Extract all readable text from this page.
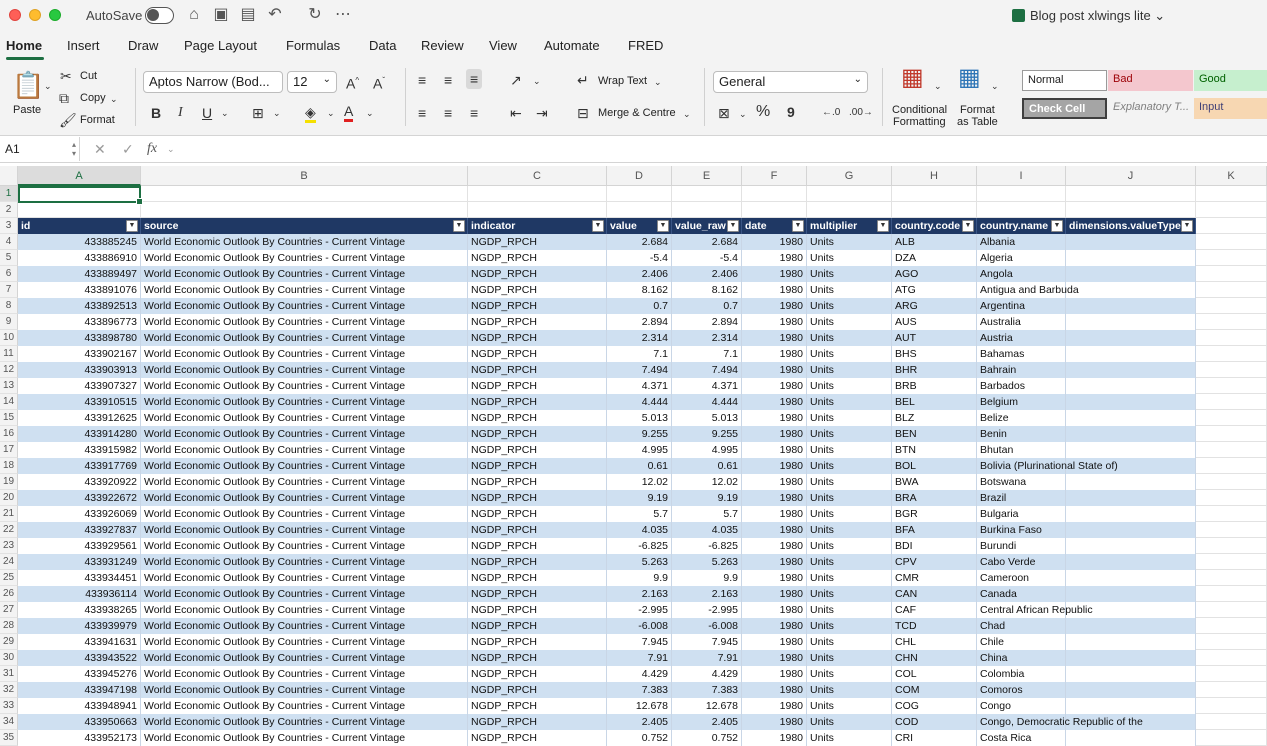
AutoSave	⌂ ▣ ▤ ↶ ↻ ⋯	Blog post xlwings lite ⌄
Home Insert Draw Page Layout Formulas Data Review View Automate FRED
📋
Paste
⌄
✂ Cut
⧉ Copy ⌄
🖌 Format
Aptos Narrow (Bod...	12 ⌄ A^ $A^ˇ$
B I U ⌄ ⊞ ⌄ ◈ ⌄ A ⌄
≡ ≡ ≡
≡ ≡ ≡
↗ ⌄
⇤ ⇥
↵ Wrap Text ⌄
⊟ Merge & Centre ⌄
General	⌄
⊠ ⌄ % 9	←.0 .00→
▦ ⌄
Conditional
Formatting
▦ ⌄
Format
as Table
Normal	Bad	Good
Check Cell	Explanatory T... Input
A1	▴
▾ ✕ ✓ fx ⌄
A	B	C	D	E	F	G	H	I	J	K
1
2
3
4
5
6
7
8
9
10
11
12
13
14
15
16
17
18
19
20
21
22
23
24
25
26
27
28
29
30
31
32
33
34
35
id	▼ source	▼ indicator	▼ value	▼ value_raw ▼ date	▼ multiplier	▼ country.code ▼ country.name ▼ dimensions.valueType ▼
433885245 World Economic Outlook By Countries - Current Vintage	NGDP_RPCH	2.684	2.684	1980 Units	ALB	Albania
433886910 World Economic Outlook By Countries - Current Vintage	NGDP_RPCH	-5.4	-5.4	1980 Units	DZA	Algeria
433889497 World Economic Outlook By Countries - Current Vintage	NGDP_RPCH	2.406	2.406	1980 Units	AGO	Angola
433891076 World Economic Outlook By Countries - Current Vintage	NGDP_RPCH	8.162	8.162	1980 Units	ATG	Antigua and Barbuda
433892513 World Economic Outlook By Countries - Current Vintage	NGDP_RPCH	0.7	0.7	1980 Units	ARG	Argentina
433896773 World Economic Outlook By Countries - Current Vintage	NGDP_RPCH	2.894	2.894	1980 Units	AUS	Australia
433898780 World Economic Outlook By Countries - Current Vintage	NGDP_RPCH	2.314	2.314	1980 Units	AUT	Austria
433902167 World Economic Outlook By Countries - Current Vintage	NGDP_RPCH	7.1	7.1	1980 Units	BHS	Bahamas
433903913 World Economic Outlook By Countries - Current Vintage	NGDP_RPCH	7.494	7.494	1980 Units	BHR	Bahrain
433907327 World Economic Outlook By Countries - Current Vintage	NGDP_RPCH	4.371	4.371	1980 Units	BRB	Barbados
433910515 World Economic Outlook By Countries - Current Vintage	NGDP_RPCH	4.444	4.444	1980 Units	BEL	Belgium
433912625 World Economic Outlook By Countries - Current Vintage	NGDP_RPCH	5.013	5.013	1980 Units	BLZ	Belize
433914280 World Economic Outlook By Countries - Current Vintage	NGDP_RPCH	9.255	9.255	1980 Units	BEN	Benin
433915982 World Economic Outlook By Countries - Current Vintage	NGDP_RPCH	4.995	4.995	1980 Units	BTN	Bhutan
433917769 World Economic Outlook By Countries - Current Vintage	NGDP_RPCH	0.61	0.61	1980 Units	BOL	Bolivia (Plurinational State of)
433920922 World Economic Outlook By Countries - Current Vintage	NGDP_RPCH	12.02	12.02	1980 Units	BWA	Botswana
433922672 World Economic Outlook By Countries - Current Vintage	NGDP_RPCH	9.19	9.19	1980 Units	BRA	Brazil
433926069 World Economic Outlook By Countries - Current Vintage	NGDP_RPCH	5.7	5.7	1980 Units	BGR	Bulgaria
433927837 World Economic Outlook By Countries - Current Vintage	NGDP_RPCH	4.035	4.035	1980 Units	BFA	Burkina Faso
433929561 World Economic Outlook By Countries - Current Vintage	NGDP_RPCH	-6.825	-6.825	1980 Units	BDI	Burundi
433931249 World Economic Outlook By Countries - Current Vintage	NGDP_RPCH	5.263	5.263	1980 Units	CPV	Cabo Verde
433934451 World Economic Outlook By Countries - Current Vintage	NGDP_RPCH	9.9	9.9	1980 Units	CMR	Cameroon
433936114 World Economic Outlook By Countries - Current Vintage	NGDP_RPCH	2.163	2.163	1980 Units	CAN	Canada
433938265 World Economic Outlook By Countries - Current Vintage	NGDP_RPCH	-2.995	-2.995	1980 Units	CAF	Central African Republic
433939979 World Economic Outlook By Countries - Current Vintage	NGDP_RPCH	-6.008	-6.008	1980 Units	TCD	Chad
433941631 World Economic Outlook By Countries - Current Vintage	NGDP_RPCH	7.945	7.945	1980 Units	CHL	Chile
433943522 World Economic Outlook By Countries - Current Vintage	NGDP_RPCH	7.91	7.91	1980 Units	CHN	China
433945276 World Economic Outlook By Countries - Current Vintage	NGDP_RPCH	4.429	4.429	1980 Units	COL	Colombia
433947198 World Economic Outlook By Countries - Current Vintage	NGDP_RPCH	7.383	7.383	1980 Units	COM	Comoros
433948941 World Economic Outlook By Countries - Current Vintage	NGDP_RPCH	12.678	12.678	1980 Units	COG	Congo
433950663 World Economic Outlook By Countries - Current Vintage	NGDP_RPCH	2.405	2.405	1980 Units	COD	Congo, Democratic Republic of the
433952173 World Economic Outlook By Countries - Current Vintage	NGDP_RPCH	0.752	0.752	1980 Units	CRI	Costa Rica
